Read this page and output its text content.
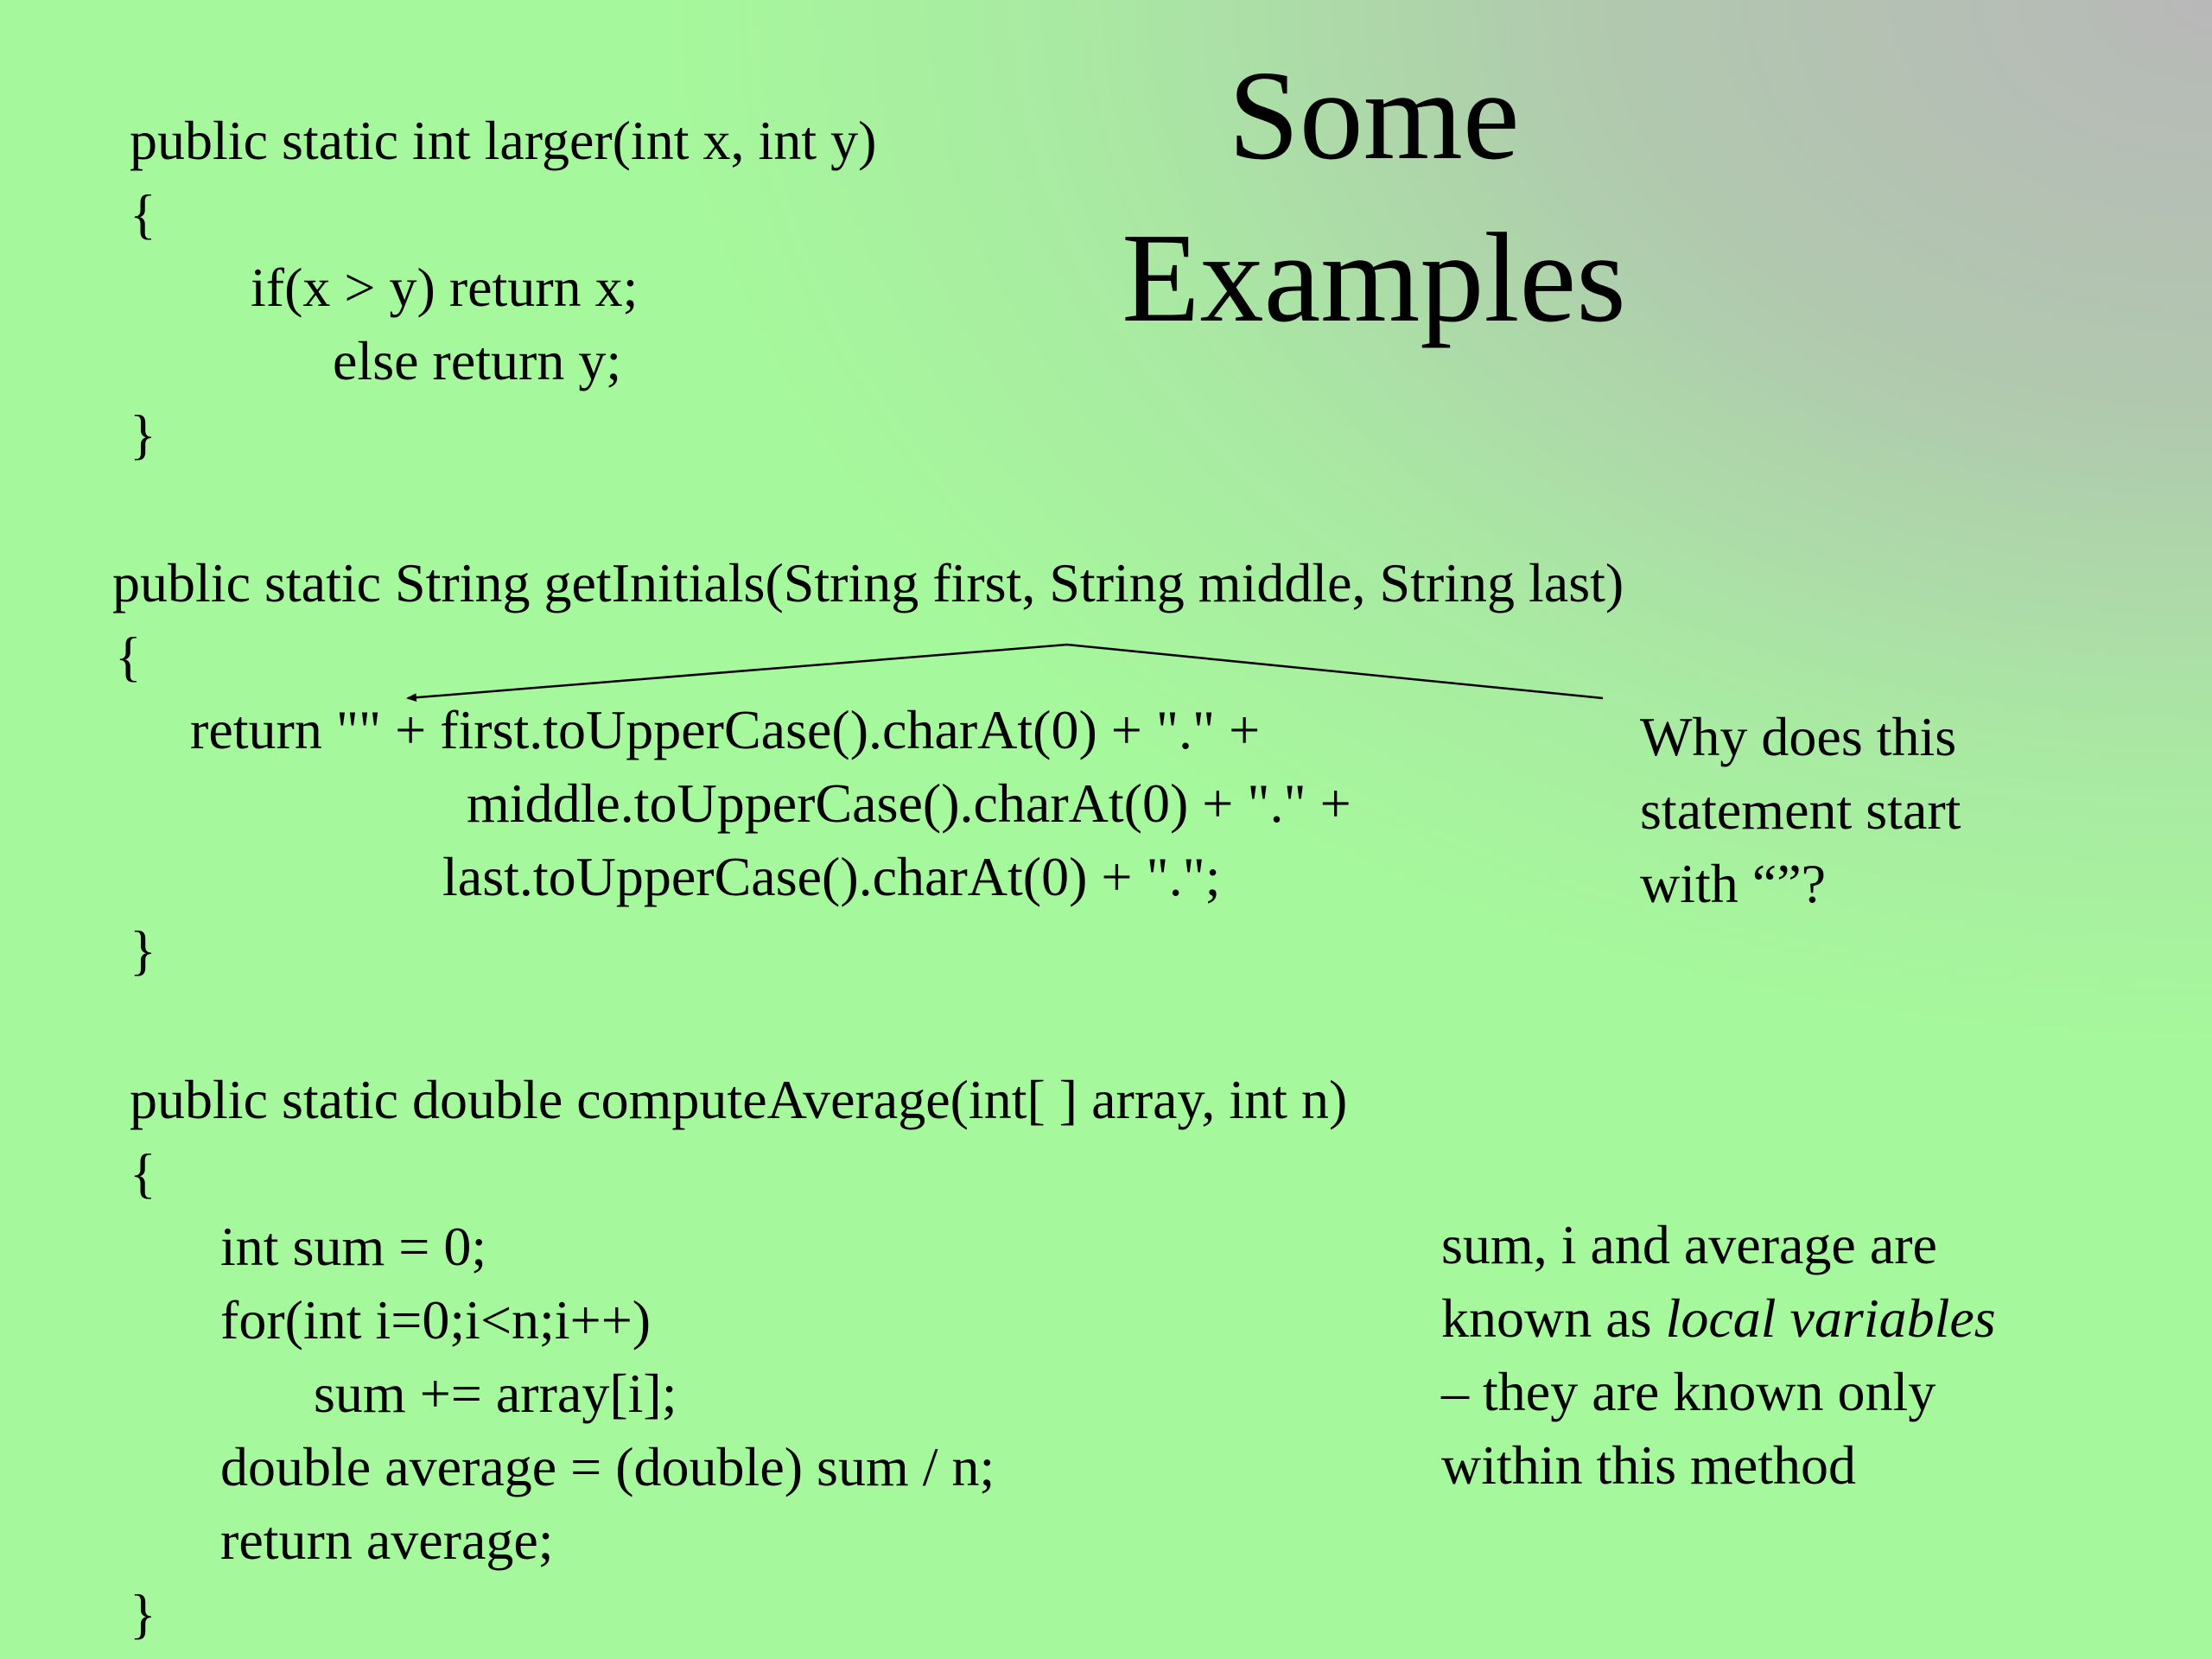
Some
Examples
public static int larger(int x, int y)
{
if(x > y) return x;
else return y;
}
public static String getInitials(String first, String middle, String last)
{
return "" + first.toUpperCase().charAt(0) + "." +
middle.toUpperCase().charAt(0) + "." +
last.toUpperCase().charAt(0) + ".";
}
Why does this
statement start
with “”?
public static double computeAverage(int[ ] array, int n)
{
int sum = 0;
for(int i=0;i<n;i++)
sum += array[i];
double average = (double) sum / n;
return average;
}
sum, i and average are
known as local variables
– they are known only
within this method
